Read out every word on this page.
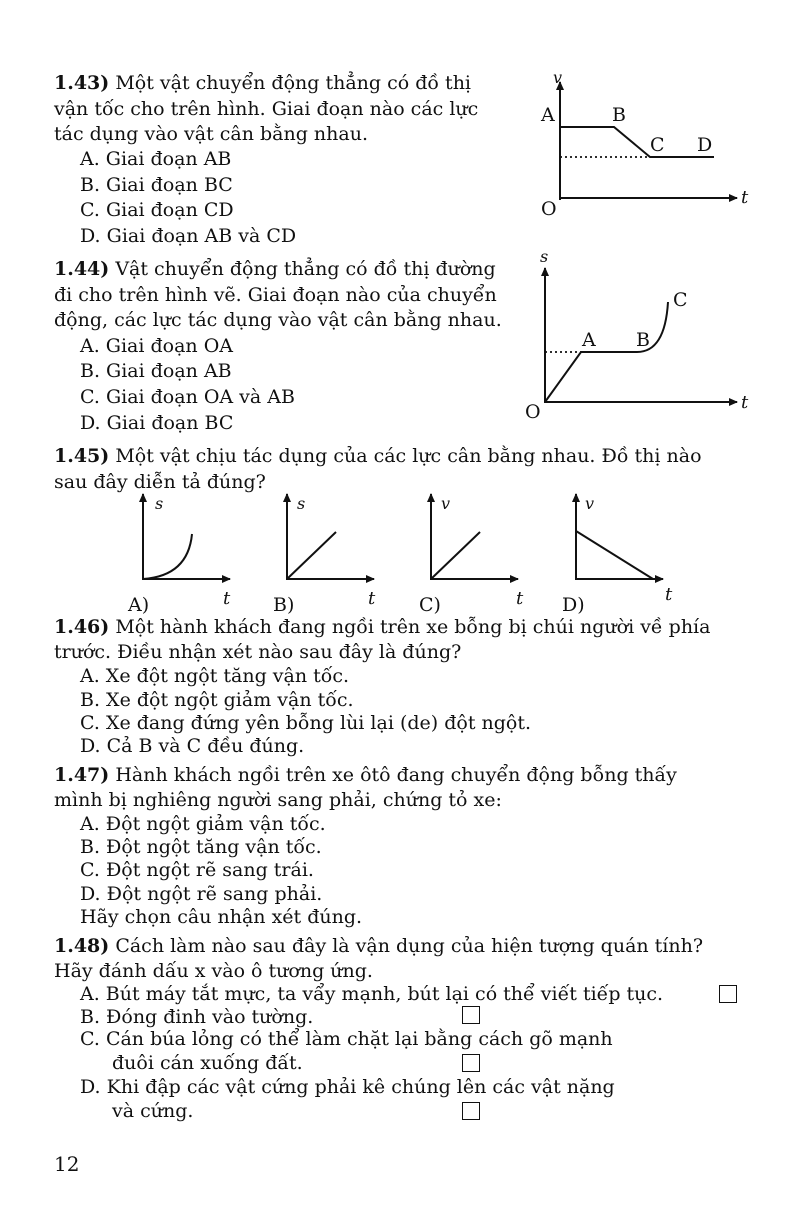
1.43) Một vật chuyển động thẳng có đồ thị
vận tốc cho trên hình. Giai đoạn nào các lực
tác dụng vào vật cân bằng nhau.
A. Giai đoạn AB
B. Giai đoạn BC
C. Giai đoạn CD
D. Giai đoạn AB và CD
1.44) Vật chuyển động thẳng có đồ thị đường
đi cho trên hình vẽ. Giai đoạn nào của chuyển
động, các lực tác dụng vào vật cân bằng nhau.
A. Giai đoạn OA
B. Giai đoạn AB
C. Giai đoạn OA và AB
D. Giai đoạn BC
1.45) Một vật chịu tác dụng của các lực cân bằng nhau. Đồ thị nào
sau đây diễn tả đúng?
1.46) Một hành khách đang ngồi trên xe bỗng bị chúi người về phía
trước. Điều nhận xét nào sau đây là đúng?
A. Xe đột ngột tăng vận tốc.
B. Xe đột ngột giảm vận tốc.
C. Xe đang đứng yên bỗng lùi lại (de) đột ngột.
D. Cả B và C đều đúng.
1.47) Hành khách ngồi trên xe ôtô đang chuyển động bỗng thấy
mình bị nghiêng người sang phải, chứng tỏ xe:
A. Đột ngột giảm vận tốc.
B. Đột ngột tăng vận tốc.
C. Đột ngột rẽ sang trái.
D. Đột ngột rẽ sang phải.
Hãy chọn câu nhận xét đúng.
1.48) Cách làm nào sau đây là vận dụng của hiện tượng quán tính?
Hãy đánh dấu x vào ô tương ứng.
A. Bút máy tắt mực, ta vẩy mạnh, bút lại có thể viết tiếp tục.
B. Đóng đinh vào tường.
C. Cán búa lỏng có thể làm chặt lại bằng cách gõ mạnh
đuôi cán xuống đất.
D. Khi đập các vật cứng phải kê chúng lên các vật nặng
và cứng.
12
v
t
O
A	B
C D
s
t
O
A B
C
s
t
A)
s
t
B)
v
t
C)
v
t
D)
